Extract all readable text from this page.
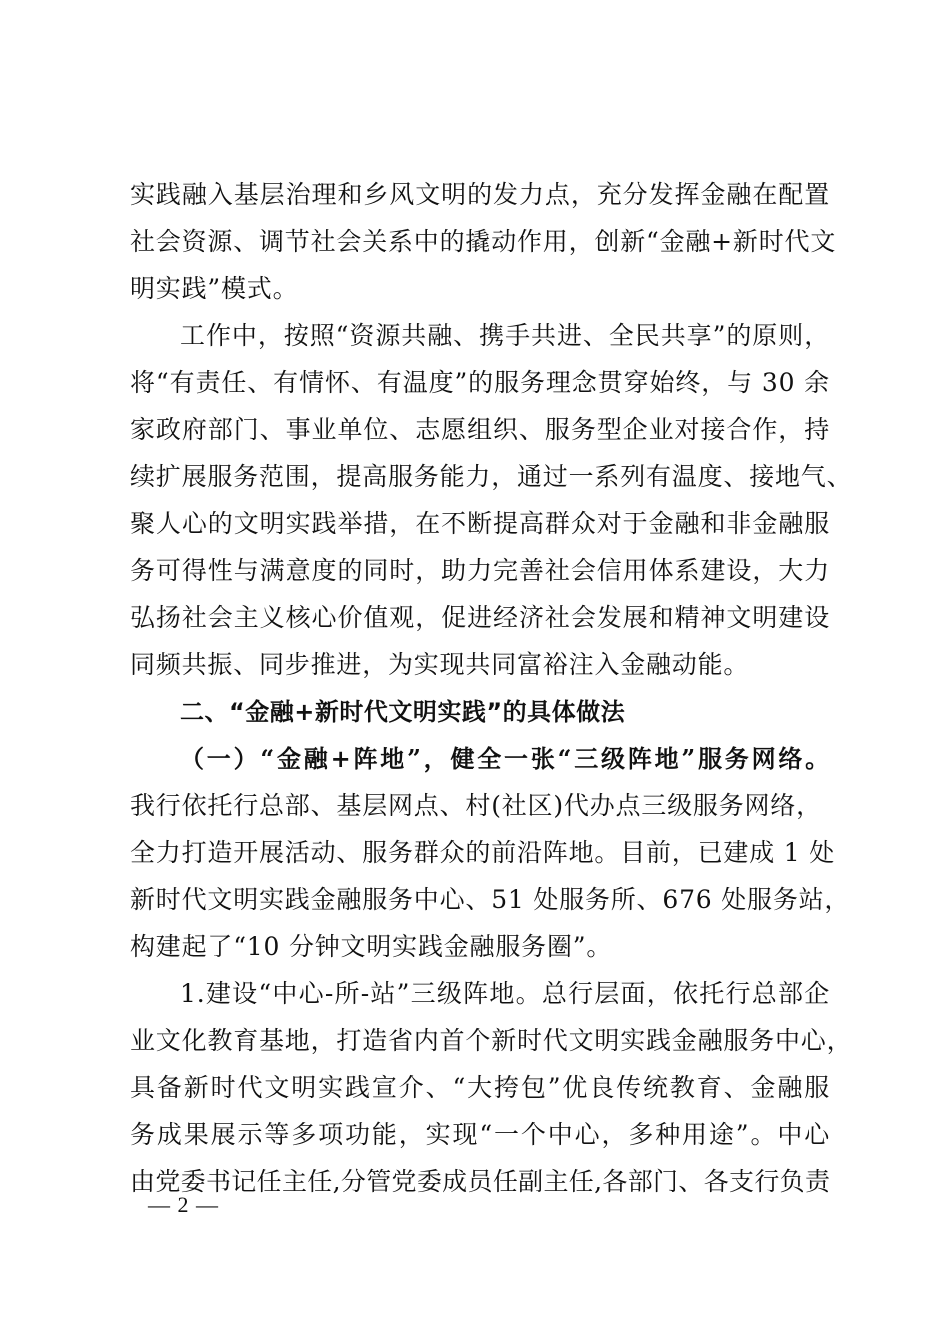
实践融入基层治理和乡风文明的发力点，充分发挥金融在配置
社会资源、调节社会关系中的撬动作用，创新“金融+新时代文
明实践”模式。
工作中，按照“资源共融、携手共进、全民共享”的原则，
将“有责任、有情怀、有温度”的服务理念贯穿始终，与 30 余
家政府部门、事业单位、志愿组织、服务型企业对接合作，持
续扩展服务范围，提高服务能力，通过一系列有温度、接地气、
聚人心的文明实践举措，在不断提高群众对于金融和非金融服
务可得性与满意度的同时，助力完善社会信用体系建设，大力
弘扬社会主义核心价值观，促进经济社会发展和精神文明建设
同频共振、同步推进，为实现共同富裕注入金融动能。
二、“金融+新时代文明实践”的具体做法
（一）“金融+阵地”，健全一张“三级阵地”服务网络。
我行依托行总部、基层网点、村(社区)代办点三级服务网络，
全力打造开展活动、服务群众的前沿阵地。目前，已建成 1 处
新时代文明实践金融服务中心、51 处服务所、676 处服务站，
构建起了“10 分钟文明实践金融服务圈”。
1.建设“中心-所-站”三级阵地。总行层面，依托行总部企
业文化教育基地，打造省内首个新时代文明实践金融服务中心，
具备新时代文明实践宣介、“大挎包”优良传统教育、金融服
务成果展示等多项功能，实现“一个中心，多种用途”。中心
由党委书记任主任,分管党委成员任副主任,各部门、各支行负责
— 2 —
